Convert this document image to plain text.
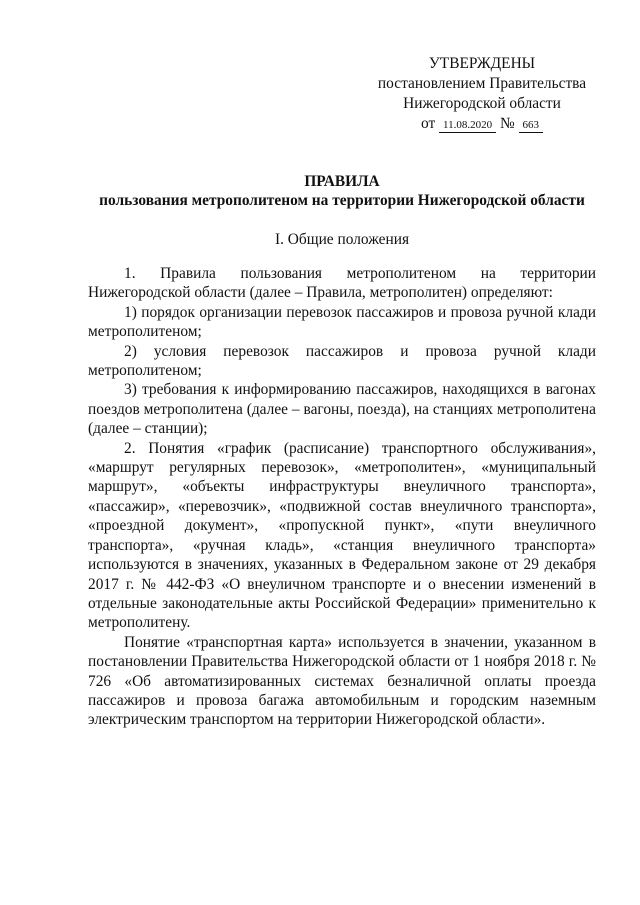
УТВЕРЖДЕНЫ
постановлением Правительства
Нижегородской области
от 11.08.2020 № 663
ПРАВИЛА
пользования метрополитеном на территории Нижегородской области
I. Общие положения

1. Правила пользования метрополитеном на территории Нижегородской области (далее – Правила, метрополитен) определяют:

1) порядок организации перевозок пассажиров и провоза ручной клади метрополитеном;

2) условия перевозок пассажиров и провоза ручной клади метрополитеном;

3) требования к информированию пассажиров, находящихся в вагонах поездов метрополитена (далее – вагоны, поезда), на станциях метрополитена (далее – станции);

2. Понятия «график (расписание) транспортного обслуживания», «маршрут регулярных перевозок», «метрополитен», «муниципальный маршрут», «объекты инфраструктуры внеуличного транспорта», «пассажир», «перевозчик», «подвижной состав внеуличного транспорта», «проездной документ», «пропускной пункт», «пути внеуличного транспорта», «ручная кладь», «станция внеуличного транспорта» используются в значениях, указанных в Федеральном законе от 29 декабря 2017 г. № 442-ФЗ «О внеуличном транспорте и о внесении изменений в отдельные законодательные акты Российской Федерации» применительно к метрополитену.

Понятие «транспортная карта» используется в значении, указанном в постановлении Правительства Нижегородской области от 1 ноября 2018 г. № 726 «Об автоматизированных системах безналичной оплаты проезда пассажиров и провоза багажа автомобильным и городским наземным электрическим транспортом на территории Нижегородской области».
